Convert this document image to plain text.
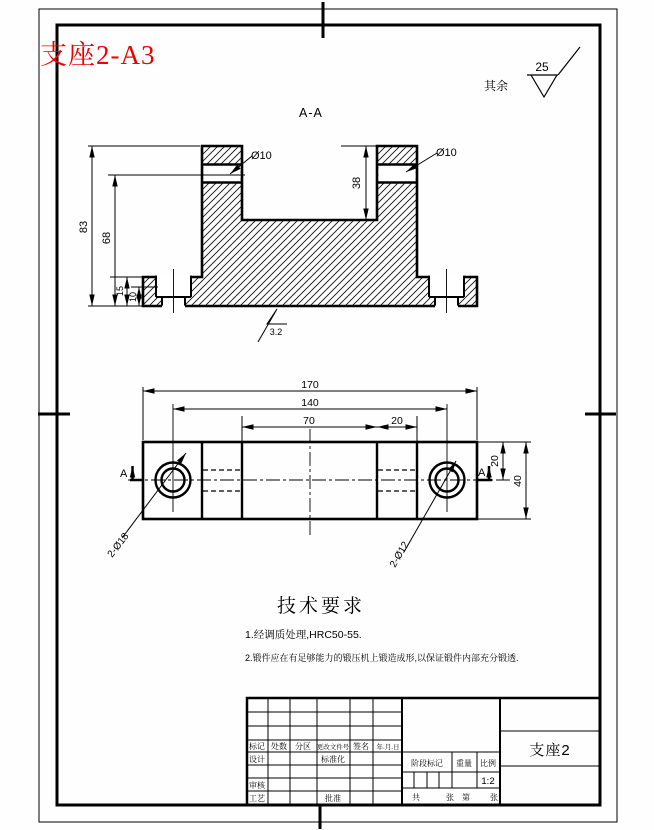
支座2-A3
其余
25
A-A
Ø10	Ø10
83
68
38
15
10
3.2
170
140
70	20
20
40
A	A
2-Ø18	2-Ø12
技术要求
1.经调质处理,HRC50-55.
2.锻件应在有足够能力的锻压机上锻造成形,以保证锻件内部充分锻透.
标记 处数 分区 更改文件号 签名 年.月.日
设计	标准化
审核
工艺	批准
阶段标记 重量 比例
1:2
共	张 第	张
支座2
